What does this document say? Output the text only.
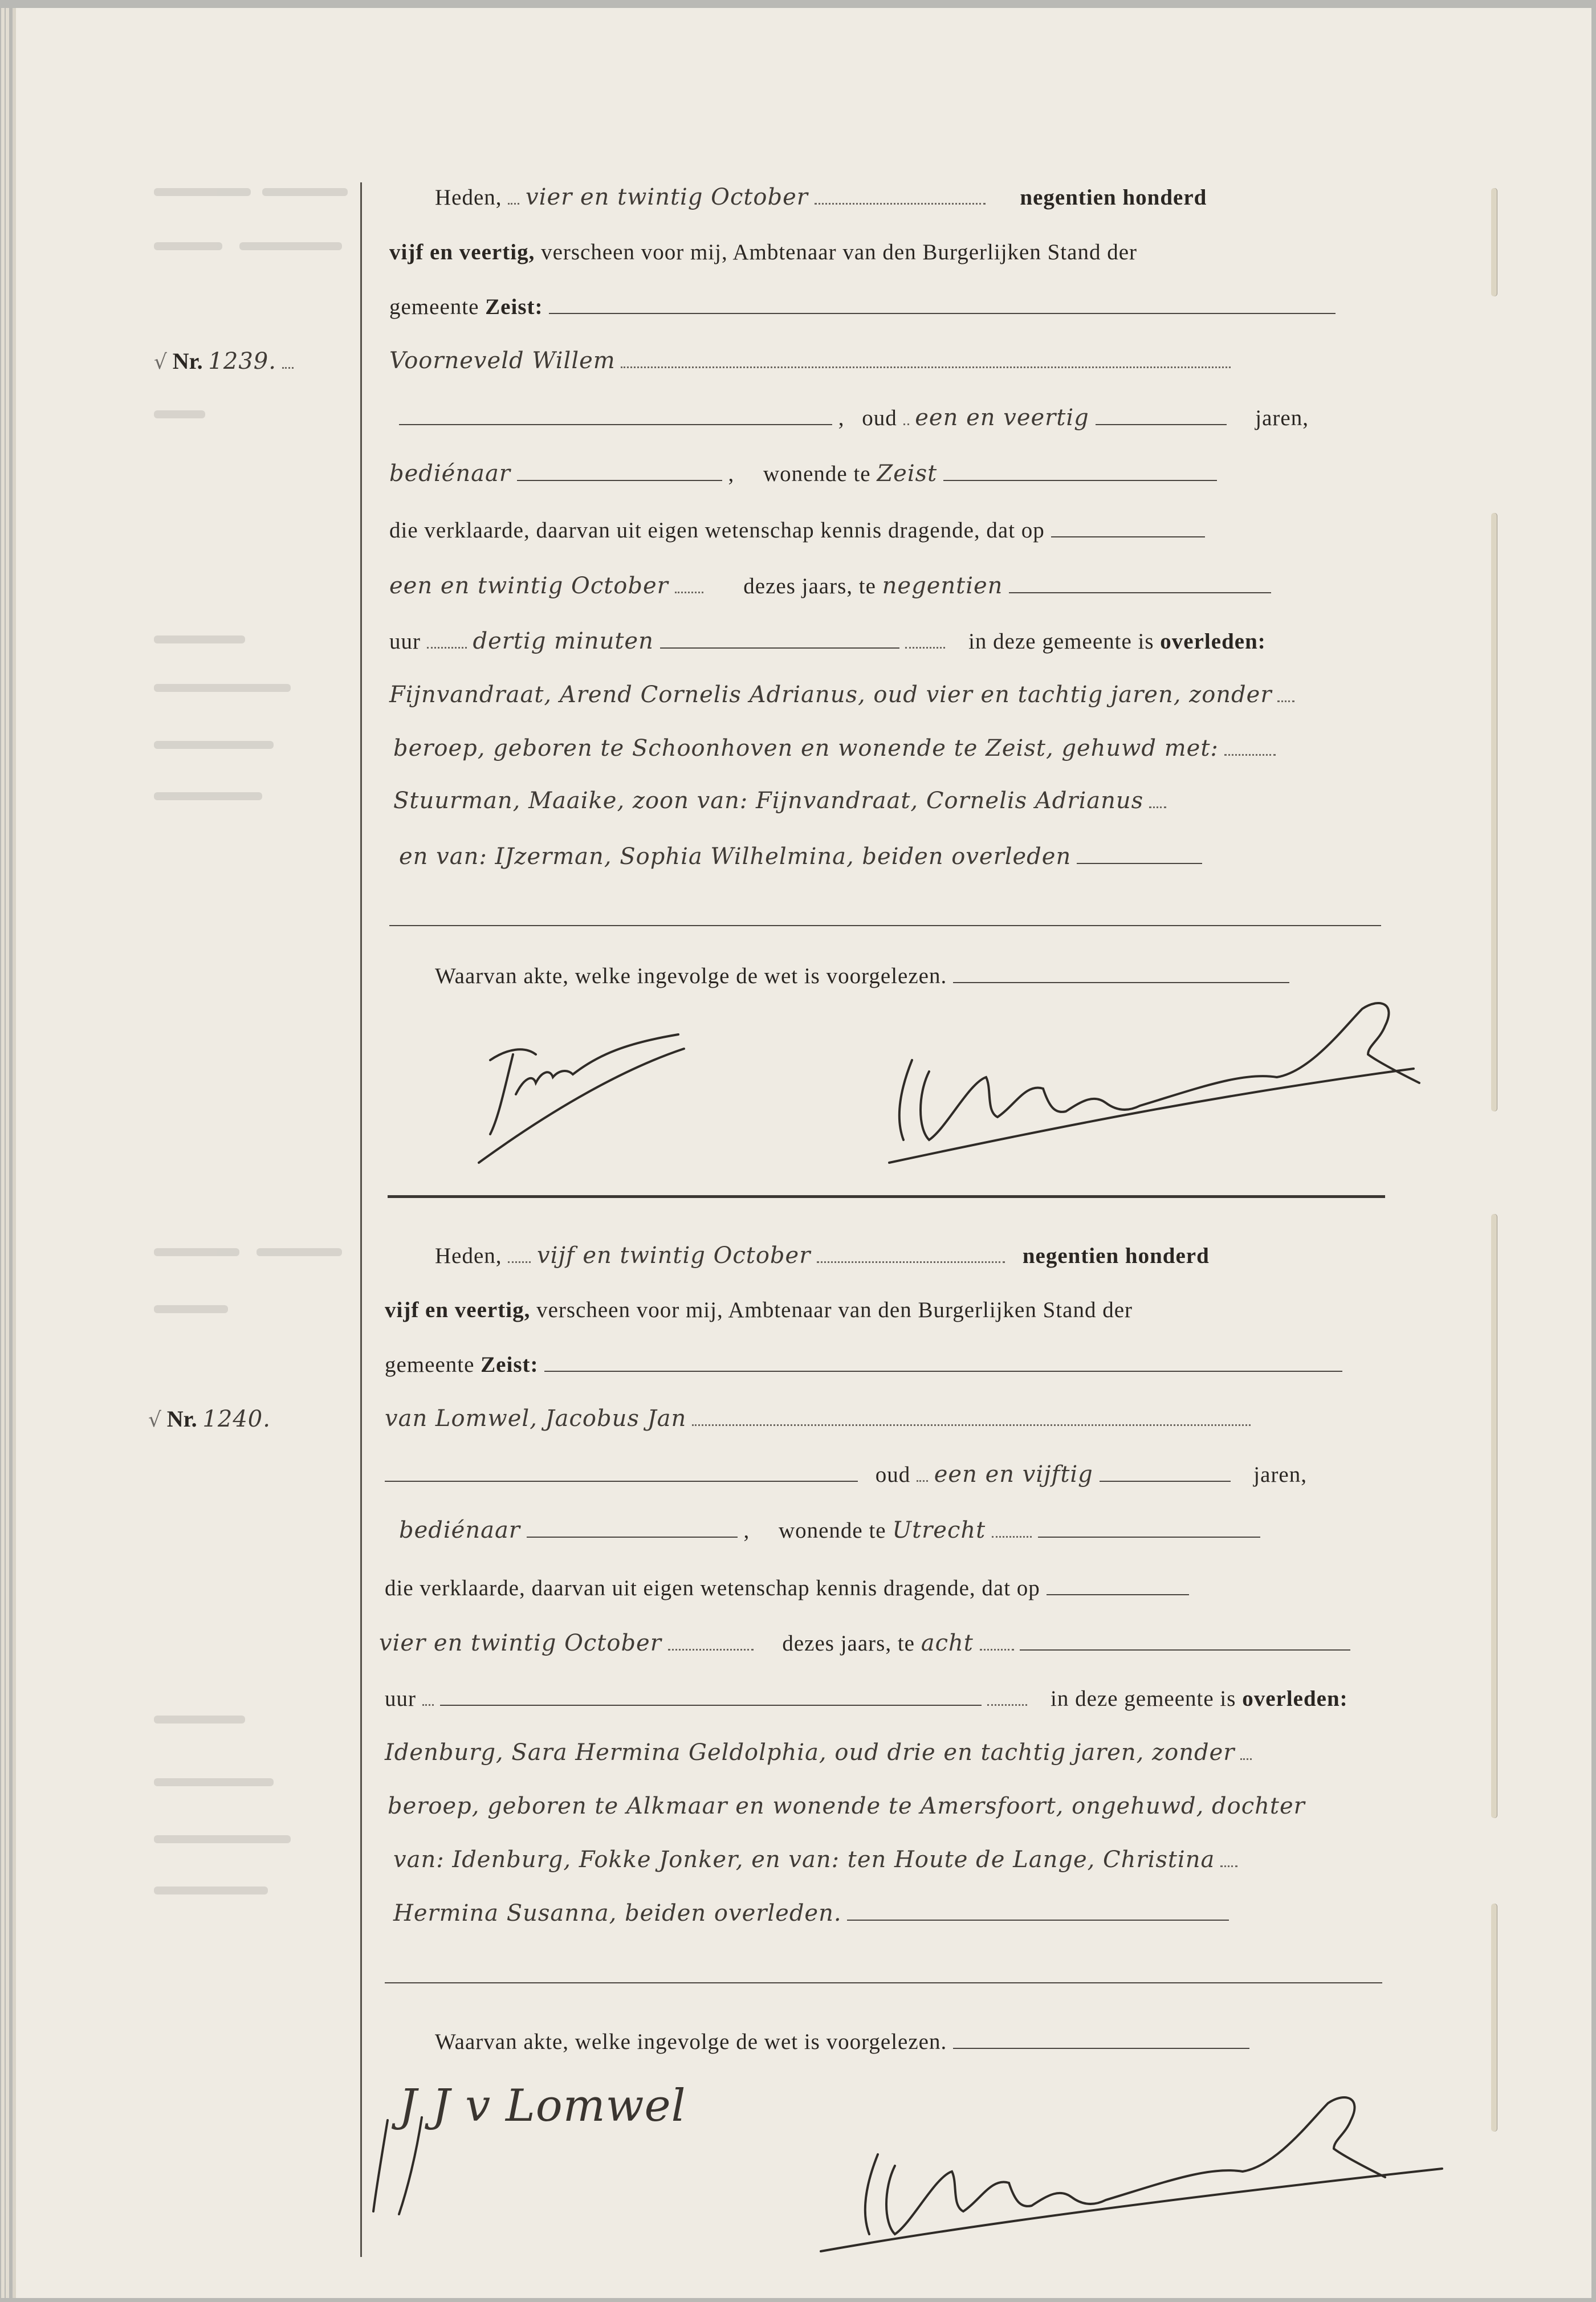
Heden, vier en twintig October	negentien honderd
vijf en veertig, verscheen voor mij, Ambtenaar van den Burgerlijken Stand der
gemeente Zeist:
√ Nr. 1239.	Voorneveld Willem
, oud een en veertig	jaren,
bediénaar	, wonende te Zeist
die verklaarde, daarvan uit eigen wetenschap kennis dragende, dat op
een en twintig October	dezes jaars, te negentien
uur dertig minuten	in deze gemeente is overleden:
Fijnvandraat, Arend Cornelis Adrianus, oud vier en tachtig jaren, zonder
beroep, geboren te Schoonhoven en wonende te Zeist, gehuwd met:
Stuurman, Maaike, zoon van: Fijnvandraat, Cornelis Adrianus
en van: IJzerman, Sophia Wilhelmina, beiden overleden
Waarvan akte, welke ingevolge de wet is voorgelezen.
Heden, vijf en twintig October	negentien honderd
vijf en veertig, verscheen voor mij, Ambtenaar van den Burgerlijken Stand der
gemeente Zeist:
√ Nr. 1240.	van Lomwel, Jacobus Jan
oud een en vijftig	jaren,
bediénaar	, wonende te Utrecht
die verklaarde, daarvan uit eigen wetenschap kennis dragende, dat op
vier en twintig October	dezes jaars, te acht
uur	in deze gemeente is overleden:
Idenburg, Sara Hermina Geldolphia, oud drie en tachtig jaren, zonder
beroep, geboren te Alkmaar en wonende te Amersfoort, ongehuwd, dochter
van: Idenburg, Fokke Jonker, en van: ten Houte de Lange, Christina
Hermina Susanna, beiden overleden.
Waarvan akte, welke ingevolge de wet is voorgelezen.
J J v Lomwel
